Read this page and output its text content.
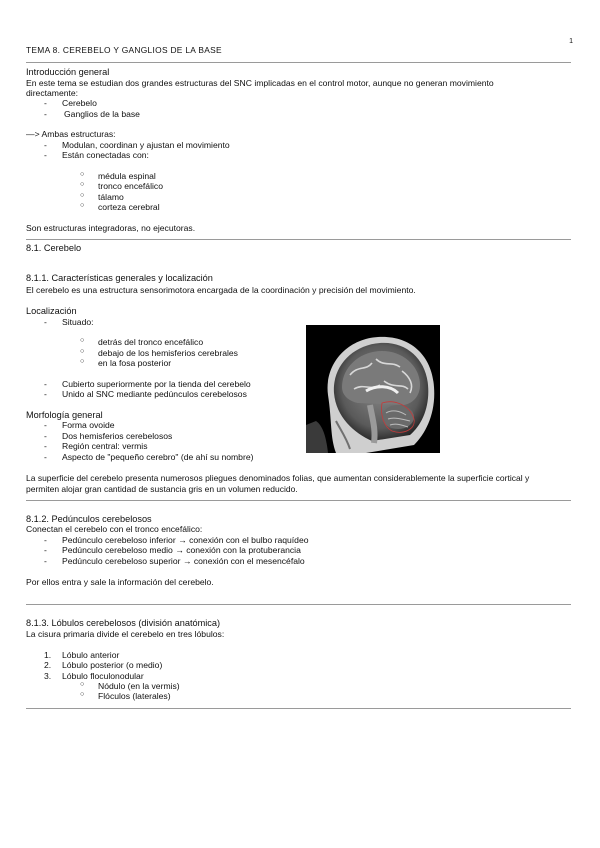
1
TEMA 8. CEREBELO Y GANGLIOS DE LA BASE
Introducción general
En este tema se estudian dos grandes estructuras del SNC implicadas en el control motor, aunque no generan movimiento
directamente:
Cerebelo
Ganglios de la base
—> Ambas estructuras:
Modulan, coordinan y ajustan el movimiento
Están conectadas con:
médula espinal
tronco encefálico
tálamo
corteza cerebral
Son estructuras integradoras, no ejecutoras.
8.1. Cerebelo
8.1.1. Características generales y localización
El cerebelo es una estructura sensorimotora encargada de la coordinación y precisión del movimiento.
Localización
Situado:
detrás del tronco encefálico
debajo de los hemisferios cerebrales
en la fosa posterior
Cubierto superiormente por la tienda del cerebelo
Unido al SNC mediante pedúnculos cerebelosos
Morfología general
Forma ovoide
Dos hemisferios cerebelosos
Región central: vermis
Aspecto de "pequeño cerebro" (de ahí su nombre)
La superficie del cerebelo presenta numerosos pliegues denominados folias, que aumentan considerablemente la superficie cortical y
permiten alojar gran cantidad de sustancia gris en un volumen reducido.
8.1.2. Pedúnculos cerebelosos
Conectan el cerebelo con el tronco encefálico:
Pedúnculo cerebeloso inferior → conexión con el bulbo raquídeo
Pedúnculo cerebeloso medio → conexión con la protuberancia
Pedúnculo cerebeloso superior → conexión con el mesencéfalo
Por ellos entra y sale la información del cerebelo.
8.1.3. Lóbulos cerebelosos (división anatómica)
La cisura primaria divide el cerebelo en tres lóbulos:
1. Lóbulo anterior
2. Lóbulo posterior (o medio)
3. Lóbulo floculonodular
Nódulo (en la vermis)
Flóculos (laterales)
